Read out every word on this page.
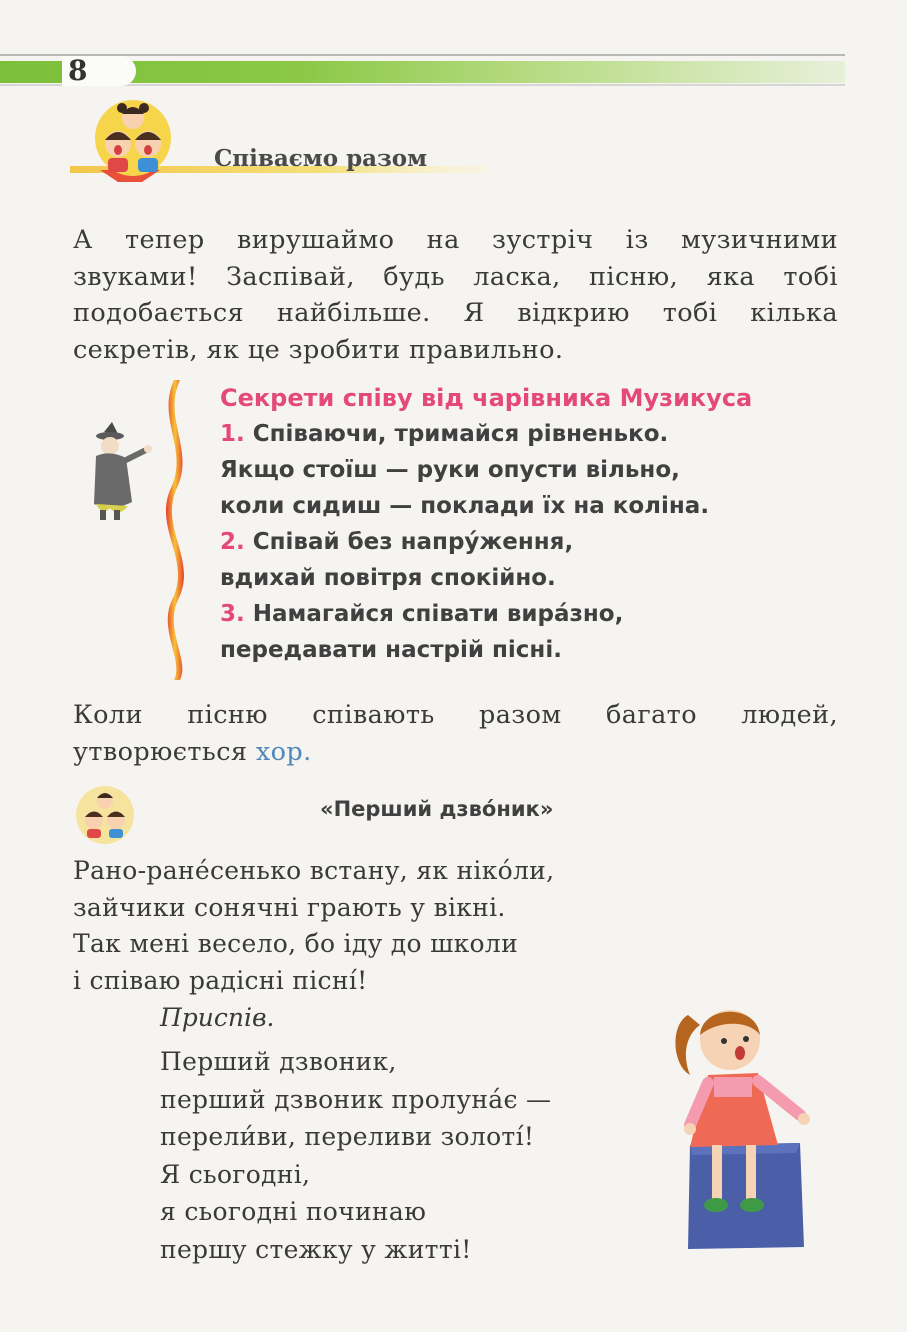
8
Співаємо разом
А тепер вирушаймо на зустріч із музичними
звуками! Заспівай, будь ласка, пісню, яка тобі
подобається найбільше. Я відкрию тобі кілька
секретів, як це зробити правильно.
Секрети співу від чарівника Музикуса
1. Співаючи, тримайся рівненько.
Якщо стоїш — руки опусти вільно,
коли сидиш — поклади їх на коліна.
2. Співай без напру́ження,
вдихай повітря спокійно.
3. Намагайся співати вира́зно,
передавати настрій пісні.
Коли пісню співають разом багато людей,
утворюється хор.
«Перший дзво́ник»
Рано-ране́сенько встану, як ніко́ли,
зайчики сонячні грають у вікні.
Так мені весело, бо іду до школи
і співаю радісні пісні́!
Приспів.
Перший дзвоник,
перший дзвоник пролуна́є —
перели́ви, переливи золоті́!
Я сьогодні,
я сьогодні починаю
першу стежку у житті!
